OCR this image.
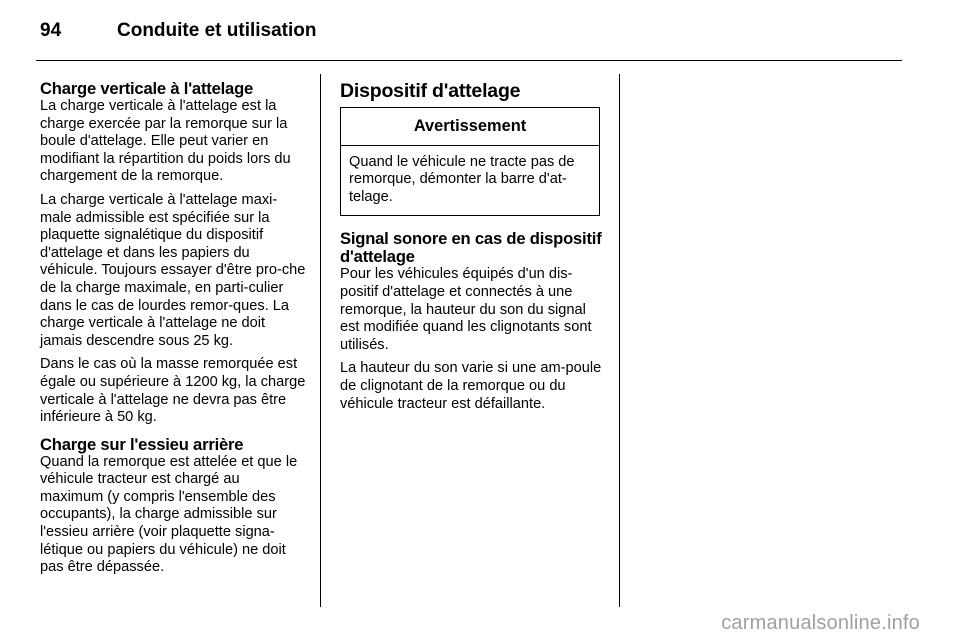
94	Conduite et utilisation
Charge verticale à l'attelage

La charge verticale à l'attelage est la charge exercée par la remorque sur la boule d'attelage. Elle peut varier en modifiant la répartition du poids lors du chargement de la remorque.

La charge verticale à l'attelage maxi-male admissible est spécifiée sur la plaquette signalétique du dispositif d'attelage et dans les papiers du véhicule. Toujours essayer d'être pro-che de la charge maximale, en parti-culier dans le cas de lourdes remor-ques. La charge verticale à l'attelage ne doit jamais descendre sous 25 kg.

Dans le cas où la masse remorquée est égale ou supérieure à 1200 kg, la charge verticale à l'attelage ne devra pas être inférieure à 50 kg.

Charge sur l'essieu arrière

Quand la remorque est attelée et que le véhicule tracteur est chargé au maximum (y compris l'ensemble des occupants), la charge admissible sur l'essieu arrière (voir plaquette signa-létique ou papiers du véhicule) ne doit pas être dépassée.

Dispositif d'attelage
Avertissement
Quand le véhicule ne tracte pas de remorque, démonter la barre d'at-telage.
Signal sonore en cas de dispositif d'attelage

Pour les véhicules équipés d'un dis-positif d'attelage et connectés à une remorque, la hauteur du son du signal est modifiée quand les clignotants sont utilisés.

La hauteur du son varie si une am-poule de clignotant de la remorque ou du véhicule tracteur est défaillante.

carmanualsonline.info
